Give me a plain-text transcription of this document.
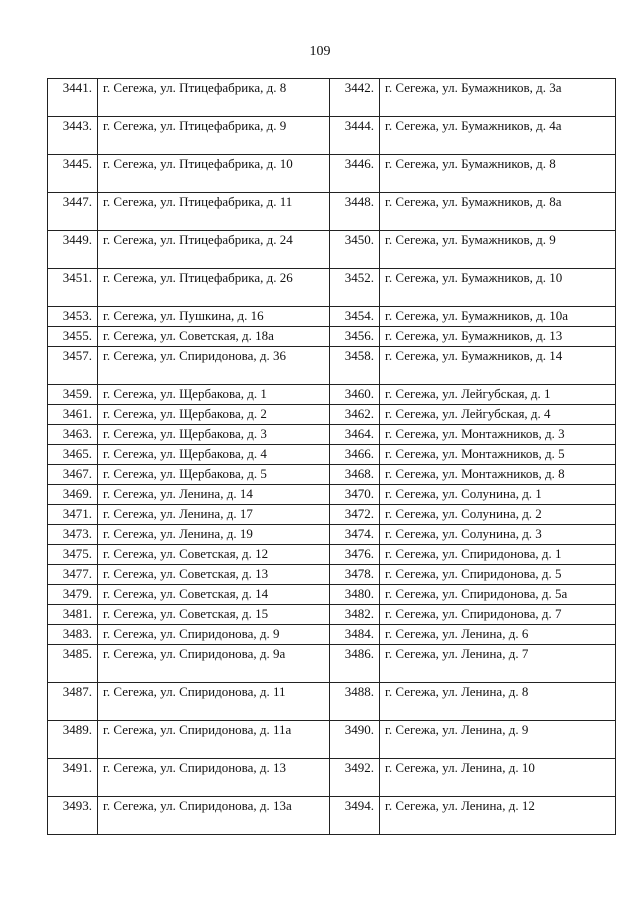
109
3441.	г. Сегежа, ул. Птицефабрика, д. 8	3442.	г. Сегежа, ул. Бумажников, д. 3а
3443.	г. Сегежа, ул. Птицефабрика, д. 9	3444.	г. Сегежа, ул. Бумажников, д. 4а
3445.	г. Сегежа, ул. Птицефабрика, д. 10	3446.	г. Сегежа, ул. Бумажников, д. 8
3447.	г. Сегежа, ул. Птицефабрика, д. 11	3448.	г. Сегежа, ул. Бумажников, д. 8а
3449.	г. Сегежа, ул. Птицефабрика, д. 24	3450.	г. Сегежа, ул. Бумажников, д. 9
3451.	г. Сегежа, ул. Птицефабрика, д. 26	3452.	г. Сегежа, ул. Бумажников, д. 10
3453.	г. Сегежа, ул. Пушкина, д. 16	3454.	г. Сегежа, ул. Бумажников, д. 10а
3455.	г. Сегежа, ул. Советская, д. 18а	3456.	г. Сегежа, ул. Бумажников, д. 13
3457.	г. Сегежа, ул. Спиридонова, д. 36	3458.	г. Сегежа, ул. Бумажников, д. 14
3459.	г. Сегежа, ул. Щербакова, д. 1	3460.	г. Сегежа, ул. Лейгубская, д. 1
3461.	г. Сегежа, ул. Щербакова, д. 2	3462.	г. Сегежа, ул. Лейгубская, д. 4
3463.	г. Сегежа, ул. Щербакова, д. 3	3464.	г. Сегежа, ул. Монтажников, д. 3
3465.	г. Сегежа, ул. Щербакова, д. 4	3466.	г. Сегежа, ул. Монтажников, д. 5
3467.	г. Сегежа, ул. Щербакова, д. 5	3468.	г. Сегежа, ул. Монтажников, д. 8
3469.	г. Сегежа, ул. Ленина, д. 14	3470.	г. Сегежа, ул. Солунина, д. 1
3471.	г. Сегежа, ул. Ленина, д. 17	3472.	г. Сегежа, ул. Солунина, д. 2
3473.	г. Сегежа, ул. Ленина, д. 19	3474.	г. Сегежа, ул. Солунина, д. 3
3475.	г. Сегежа, ул. Советская, д. 12	3476.	г. Сегежа, ул. Спиридонова, д. 1
3477.	г. Сегежа, ул. Советская, д. 13	3478.	г. Сегежа, ул. Спиридонова, д. 5
3479.	г. Сегежа, ул. Советская, д. 14	3480.	г. Сегежа, ул. Спиридонова, д. 5а
3481.	г. Сегежа, ул. Советская, д. 15	3482.	г. Сегежа, ул. Спиридонова, д. 7
3483.	г. Сегежа, ул. Спиридонова, д. 9	3484.	г. Сегежа, ул. Ленина, д. 6
3485.	г. Сегежа, ул. Спиридонова, д. 9а	3486.	г. Сегежа, ул. Ленина, д. 7
3487.	г. Сегежа, ул. Спиридонова, д. 11	3488.	г. Сегежа, ул. Ленина, д. 8
3489.	г. Сегежа, ул. Спиридонова, д. 11а	3490.	г. Сегежа, ул. Ленина, д. 9
3491.	г. Сегежа, ул. Спиридонова, д. 13	3492.	г. Сегежа, ул. Ленина, д. 10
3493.	г. Сегежа, ул. Спиридонова, д. 13а	3494.	г. Сегежа, ул. Ленина, д. 12
